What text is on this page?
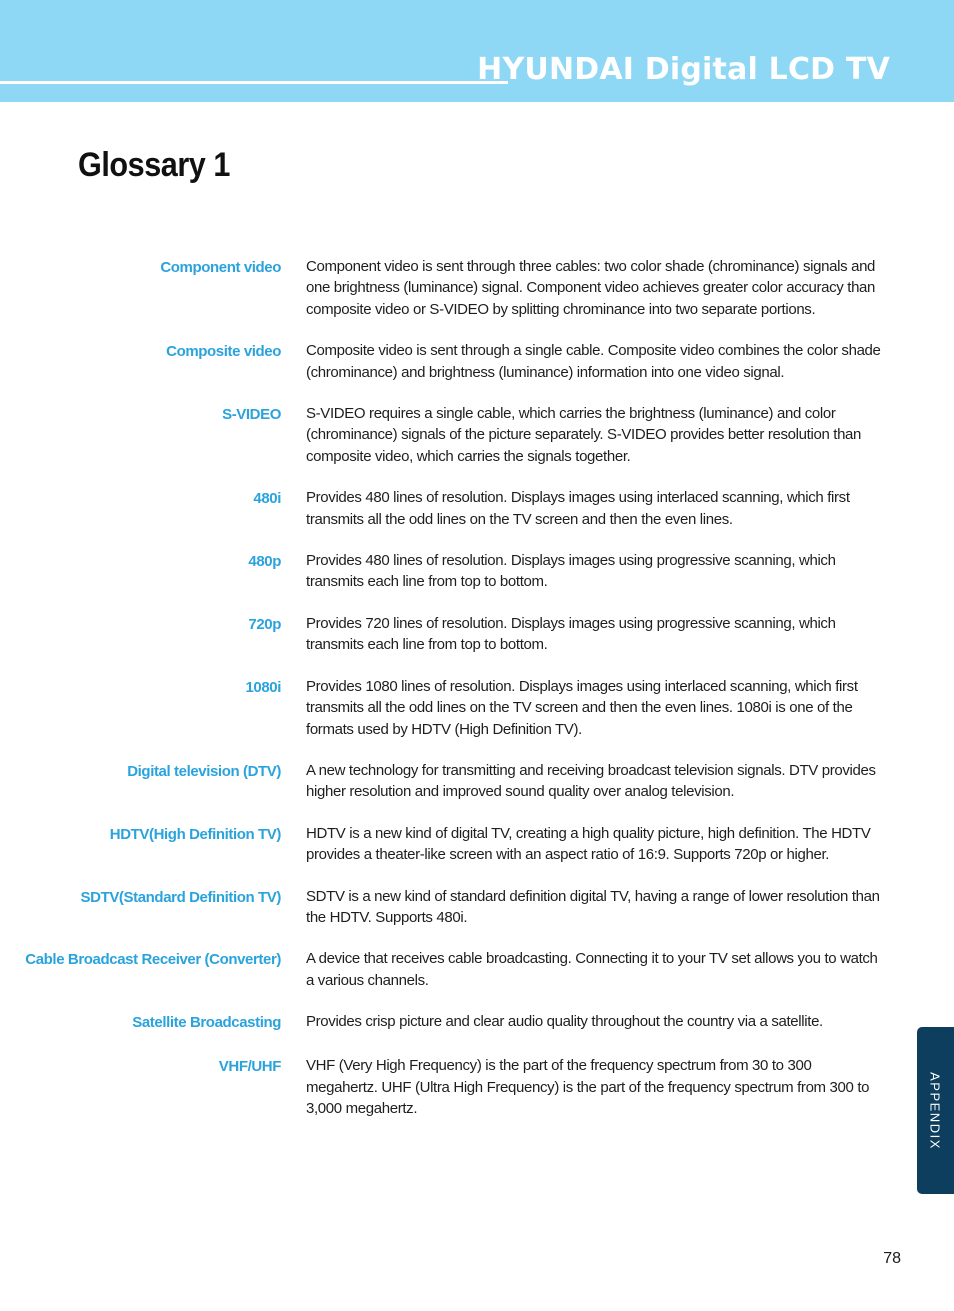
HYUNDAI Digital LCD TV
Glossary 1
Component video Component video is sent through three cables: two color shade (chrominance) signals and one brightness (luminance) signal. Component video achieves greater color accuracy than composite video or S-VIDEO by splitting chrominance into two separate portions.
Composite video Composite video is sent through a single cable. Composite video combines the color shade (chrominance) and brightness (luminance) information into one video signal.
S-VIDEO S-VIDEO requires a single cable, which carries the brightness (luminance) and color (chrominance) signals of the picture separately. S-VIDEO provides better resolution than composite video, which carries the signals together.
480i Provides 480 lines of resolution. Displays images using interlaced scanning, which first transmits all the odd lines on the TV screen and then the even lines.
480p Provides 480 lines of resolution. Displays images using progressive scanning, which transmits each line from top to bottom.
720p Provides 720 lines of resolution. Displays images using progressive scanning, which transmits each line from top to bottom.
1080i Provides 1080 lines of resolution. Displays images using interlaced scanning, which first transmits all the odd lines on the TV screen and then the even lines. 1080i is one of the formats used by HDTV (High Definition TV).
Digital television (DTV) A new technology for transmitting and receiving broadcast television signals. DTV provides higher resolution and improved sound quality over analog television.
HDTV(High Definition TV) HDTV is a new kind of digital TV, creating a high quality picture, high definition. The HDTV provides a theater-like screen with an aspect ratio of 16:9. Supports 720p or higher.
SDTV(Standard Definition TV) SDTV is a new kind of standard definition digital TV, having a range of lower resolution than the HDTV. Supports 480i.
Cable Broadcast Receiver (Converter) A device that receives cable broadcasting. Connecting it to your TV set allows you to watch a various channels.
Satellite Broadcasting Provides crisp picture and clear audio quality throughout the country via a satellite.
VHF/UHF VHF (Very High Frequency) is the part of the frequency spectrum from 30 to 300 megahertz. UHF (Ultra High Frequency) is the part of the frequency spectrum from 300 to 3,000 megahertz.	APPENDIX
78
